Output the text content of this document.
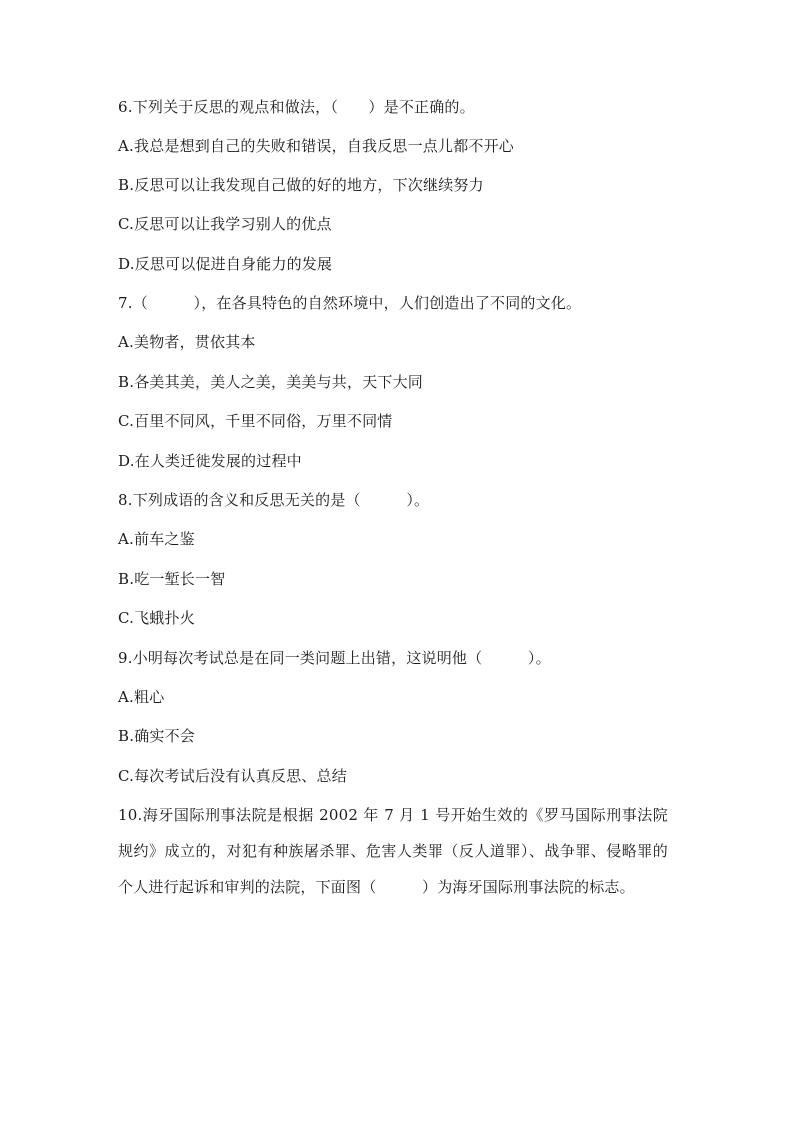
6.下列关于反思的观点和做法，（　　）是不正确的。
A.我总是想到自己的失败和错误，自我反思一点儿都不开心
B.反思可以让我发现自己做的好的地方，下次继续努力
C.反思可以让我学习别人的优点
D.反思可以促进自身能力的发展
7.（　　　），在各具特色的自然环境中，人们创造出了不同的文化。
A.美物者，贯依其本
B.各美其美，美人之美，美美与共，天下大同
C.百里不同风，千里不同俗，万里不同情
D.在人类迁徙发展的过程中
8.下列成语的含义和反思无关的是（　　　）。
A.前车之鉴
B.吃一堑长一智
C.飞蛾扑火
9.小明每次考试总是在同一类问题上出错，这说明他（　　　）。
A.粗心
B.确实不会
C.每次考试后没有认真反思、总结
10.海牙国际刑事法院是根据 2002 年 7 月 1 号开始生效的《罗马国际刑事法院规约》成立的，对犯有种族屠杀罪、危害人类罪（反人道罪）、战争罪、侵略罪的个人进行起诉和审判的法院，下面图（　　　）为海牙国际刑事法院的标志。
